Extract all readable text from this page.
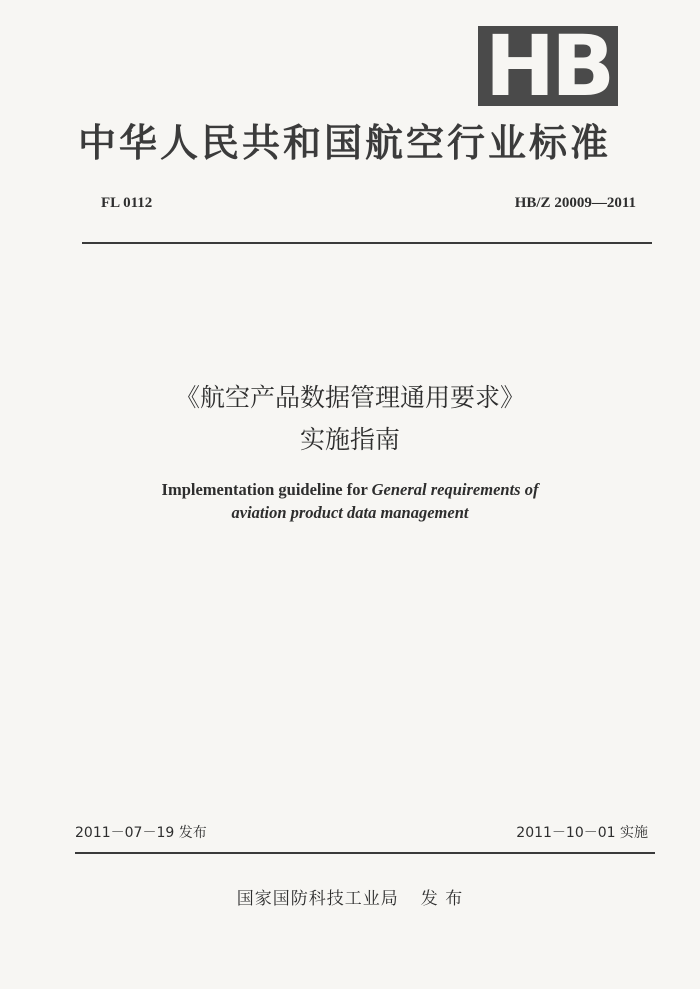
HB
中华人民共和国航空行业标准
FL 0112	HB/Z 20009—2011
《航空产品数据管理通用要求》
实施指南
Implementation guideline for General requirements of
aviation product data management
2011－07－19 发布	2011－10－01 实施
国家国防科技工业局 发 布
